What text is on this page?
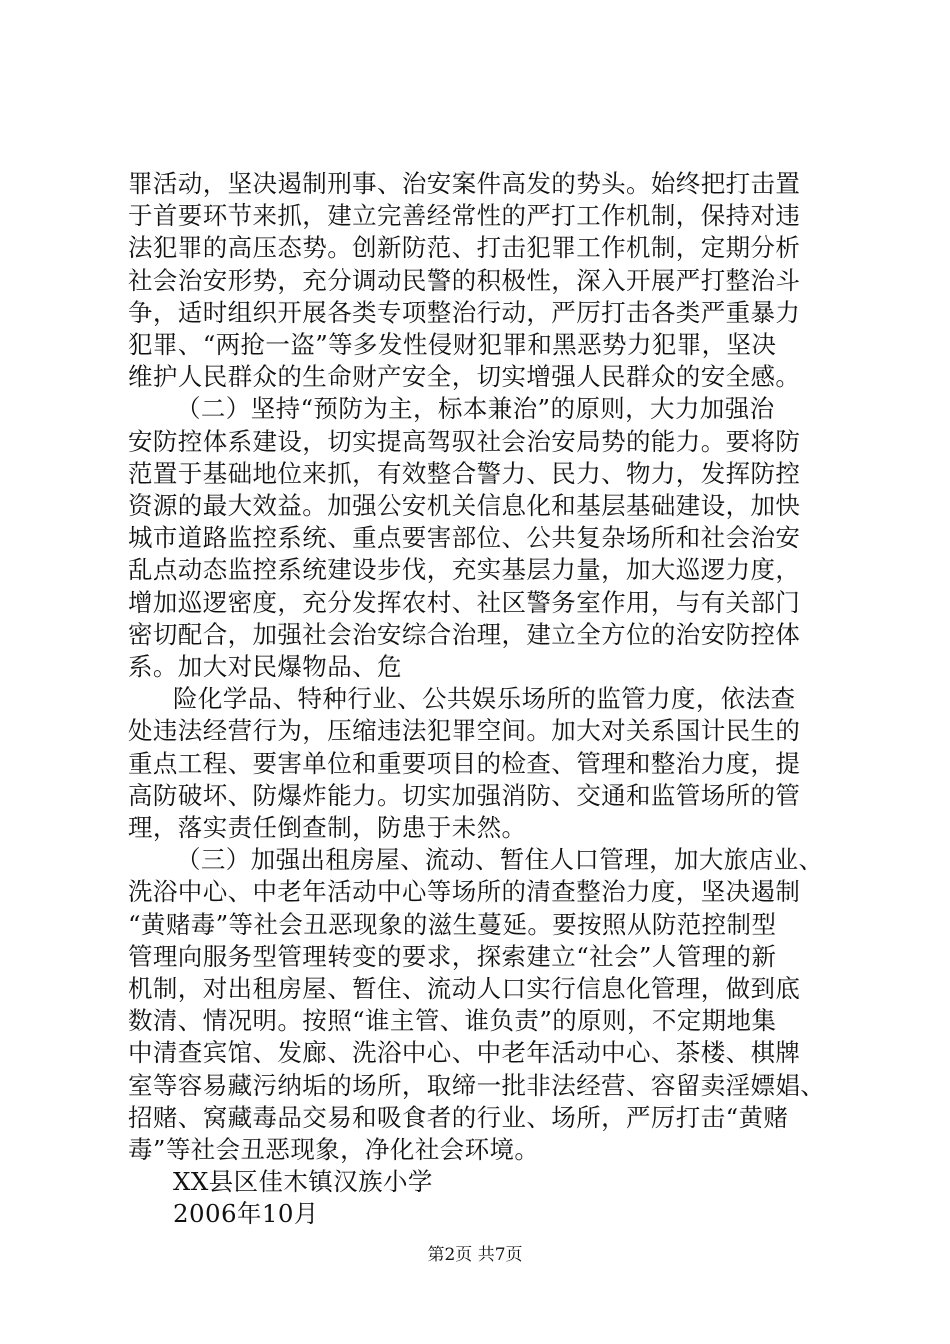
罪活动，坚决遏制刑事、治安案件高发的势头。始终把打击置
于首要环节来抓，建立完善经常性的严打工作机制，保持对违
法犯罪的高压态势。创新防范、打击犯罪工作机制，定期分析
社会治安形势，充分调动民警的积极性，深入开展严打整治斗
争，适时组织开展各类专项整治行动，严厉打击各类严重暴力
犯罪、“两抢一盗”等多发性侵财犯罪和黑恶势力犯罪，坚决
维护人民群众的生命财产安全，切实增强人民群众的安全感。
（二）坚持“预防为主，标本兼治”的原则，大力加强治
安防控体系建设，切实提高驾驭社会治安局势的能力。要将防
范置于基础地位来抓，有效整合警力、民力、物力，发挥防控
资源的最大效益。加强公安机关信息化和基层基础建设，加快
城市道路监控系统、重点要害部位、公共复杂场所和社会治安
乱点动态监控系统建设步伐，充实基层力量，加大巡逻力度，
增加巡逻密度，充分发挥农村、社区警务室作用，与有关部门
密切配合，加强社会治安综合治理，建立全方位的治安防控体
系。加大对民爆物品、危
险化学品、特种行业、公共娱乐场所的监管力度，依法查
处违法经营行为，压缩违法犯罪空间。加大对关系国计民生的
重点工程、要害单位和重要项目的检查、管理和整治力度，提
高防破坏、防爆炸能力。切实加强消防、交通和监管场所的管
理，落实责任倒查制，防患于未然。
（三）加强出租房屋、流动、暂住人口管理，加大旅店业、
洗浴中心、中老年活动中心等场所的清查整治力度，坚决遏制
“黄赌毒”等社会丑恶现象的滋生蔓延。要按照从防范控制型
管理向服务型管理转变的要求，探索建立“社会”人管理的新
机制，对出租房屋、暂住、流动人口实行信息化管理，做到底
数清、情况明。按照“谁主管、谁负责”的原则，不定期地集
中清查宾馆、发廊、洗浴中心、中老年活动中心、茶楼、棋牌
室等容易藏污纳垢的场所，取缔一批非法经营、容留卖淫嫖娼、
招赌、窝藏毒品交易和吸食者的行业、场所，严厉打击“黄赌
毒”等社会丑恶现象，净化社会环境。
XX县区佳木镇汉族小学
2006年10月
第2页 共7页
